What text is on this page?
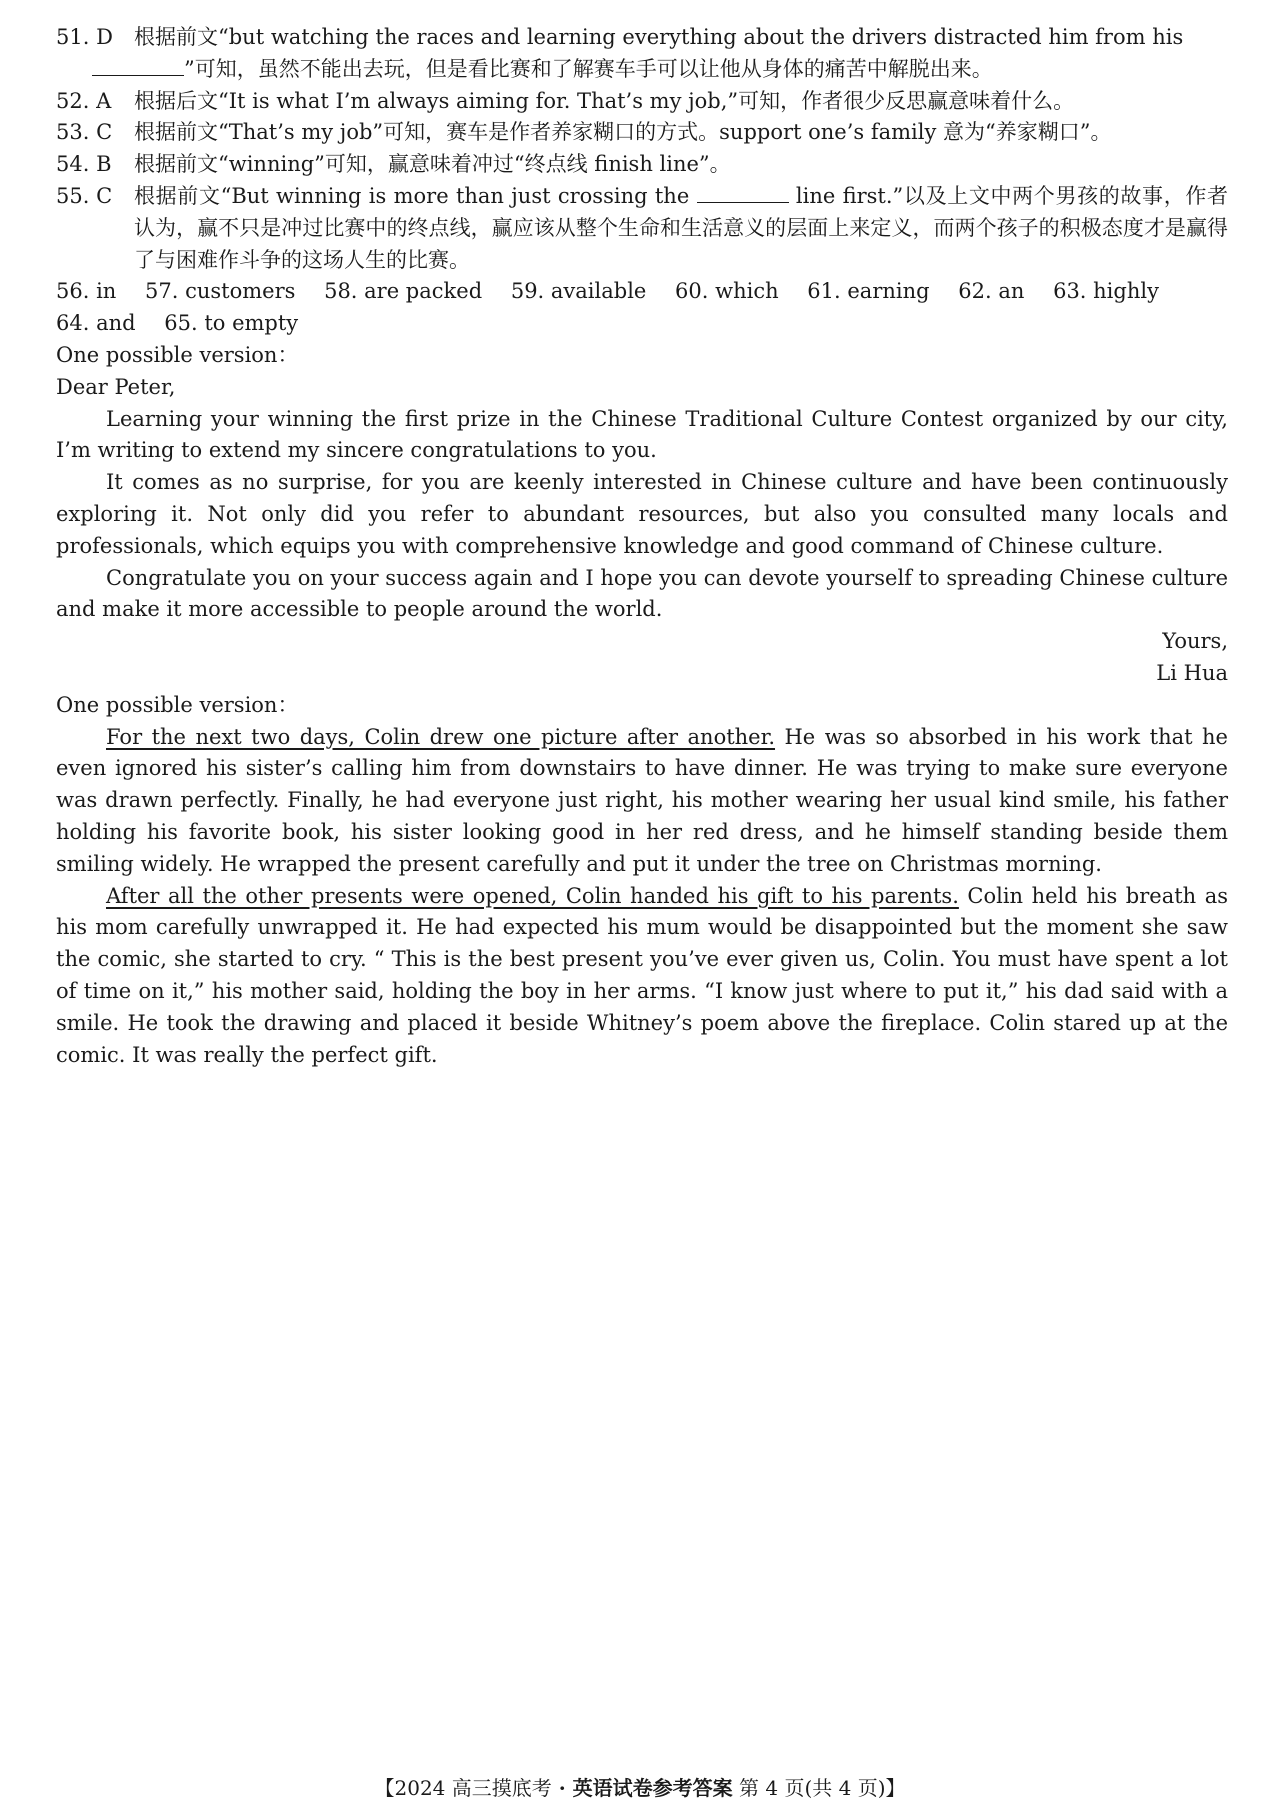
51. D	根据前文“but watching the races and learning everything about the drivers distracted him from his
”可知，虽然不能出去玩，但是看比赛和了解赛车手可以让他从身体的痛苦中解脱出来。
52. A	根据后文“It is what I’m always aiming for. That’s my job,”可知，作者很少反思赢意味着什么。
53. C	根据前文“That’s my job”可知，赛车是作者养家糊口的方式。support one’s family 意为“养家糊口”。
54. B	根据前文“winning”可知，赢意味着冲过“终点线 finish line”。
55. C	根据前文“But winning is more than just crossing the	line first.”以及上文中两个男孩的故事，作者认为，赢不只是冲过比赛中的终点线，赢应该从整个生命和生活意义的层面上来定义，而两个孩子的积极态度才是赢得了与困难作斗争的这场人生的比赛。
56. in 57. customers 58. are packed 59. available 60. which 61. earning 62. an 63. highly
64. and 65. to empty

One possible version：

Dear Peter,

Learning your winning the first prize in the Chinese Traditional Culture Contest organized by our city, I’m writing to extend my sincere congratulations to you.

It comes as no surprise, for you are keenly interested in Chinese culture and have been continuously exploring it. Not only did you refer to abundant resources, but also you consulted many locals and professionals, which equips you with comprehensive knowledge and good command of Chinese culture.

Congratulate you on your success again and I hope you can devote yourself to spreading Chinese culture and make it more accessible to people around the world.

Yours,

Li Hua

One possible version：

For the next two days, Colin drew one picture after another. He was so absorbed in his work that he even ignored his sister’s calling him from downstairs to have dinner. He was trying to make sure everyone was drawn perfectly. Finally, he had everyone just right, his mother wearing her usual kind smile, his father holding his favorite book, his sister looking good in her red dress, and he himself standing beside them smiling widely. He wrapped the present carefully and put it under the tree on Christmas morning.

After all the other presents were opened, Colin handed his gift to his parents. Colin held his breath as his mom carefully unwrapped it. He had expected his mum would be disappointed but the moment she saw the comic, she started to cry. “ This is the best present you’ve ever given us, Colin. You must have spent a lot of time on it,” his mother said, holding the boy in her arms. “I know just where to put it,” his dad said with a smile. He took the drawing and placed it beside Whitney’s poem above the fireplace. Colin stared up at the comic. It was really the perfect gift.

【2024 高三摸底考 · 英语试卷参考答案 第 4 页(共 4 页)】
